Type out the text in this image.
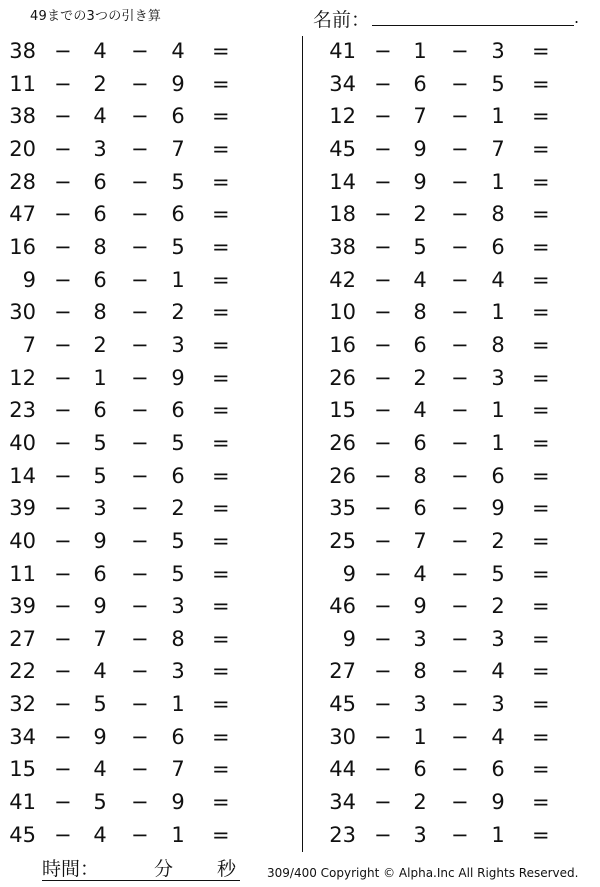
49までの3つの引き算	名前：	.
38 − 4 − 4 =
11 − 2 − 9 =
38 − 4 − 6 =
20 − 3 − 7 =
28 − 6 − 5 =
47 − 6 − 6 =
16 − 8 − 5 =
9 − 6 − 1 =
30 − 8 − 2 =
7 − 2 − 3 =
12 − 1 − 9 =
23 − 6 − 6 =
40 − 5 − 5 =
14 − 5 − 6 =
39 − 3 − 2 =
40 − 9 − 5 =
11 − 6 − 5 =
39 − 9 − 3 =
27 − 7 − 8 =
22 − 4 − 3 =
32 − 5 − 1 =
34 − 9 − 6 =
15 − 4 − 7 =
41 − 5 − 9 =
45 − 4 − 1 =
41 − 1 − 3 =
34 − 6 − 5 =
12 − 7 − 1 =
45 − 9 − 7 =
14 − 9 − 1 =
18 − 2 − 8 =
38 − 5 − 6 =
42 − 4 − 4 =
10 − 8 − 1 =
16 − 6 − 8 =
26 − 2 − 3 =
15 − 4 − 1 =
26 − 6 − 1 =
26 − 8 − 6 =
35 − 6 − 9 =
25 − 7 − 2 =
9 − 4 − 5 =
46 − 9 − 2 =
9 − 3 − 3 =
27 − 8 − 4 =
45 − 3 − 3 =
30 − 1 − 4 =
44 − 6 − 6 =
34 − 2 − 9 =
23 − 3 − 1 =
時間：	分 秒	309/400 Copyright © Alpha.Inc All Rights Reserved.
